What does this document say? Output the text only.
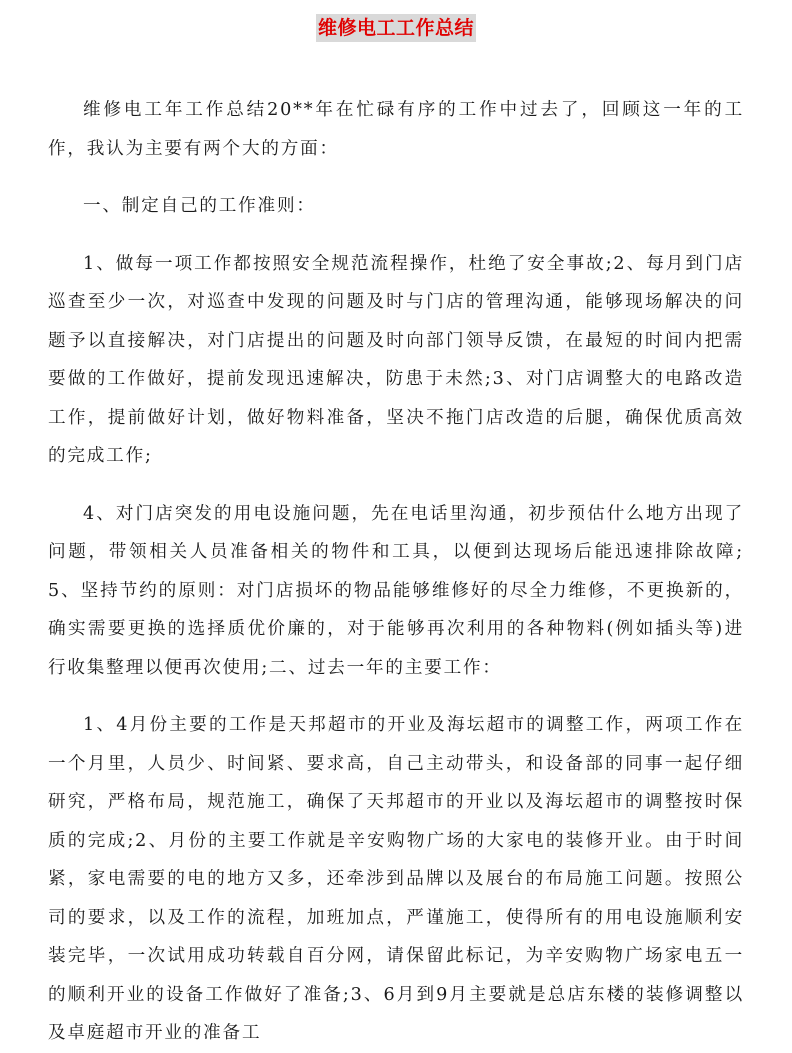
维修电工工作总结

维修电工年工作总结20**年在忙碌有序的工作中过去了，回顾这一年的工作，我认为主要有两个大的方面：

一、制定自己的工作准则：

1、做每一项工作都按照安全规范流程操作，杜绝了安全事故;2、每月到门店巡查至少一次，对巡查中发现的问题及时与门店的管理沟通，能够现场解决的问题予以直接解决，对门店提出的问题及时向部门领导反馈，在最短的时间内把需要做的工作做好，提前发现迅速解决，防患于未然;3、对门店调整大的电路改造工作，提前做好计划，做好物料准备，坚决不拖门店改造的后腿，确保优质高效的完成工作;

4、对门店突发的用电设施问题，先在电话里沟通，初步预估什么地方出现了问题，带领相关人员准备相关的物件和工具，以便到达现场后能迅速排除故障;5、坚持节约的原则：对门店损坏的物品能够维修好的尽全力维修，不更换新的，确实需要更换的选择质优价廉的，对于能够再次利用的各种物料(例如插头等)进行收集整理以便再次使用;二、过去一年的主要工作：

1、4月份主要的工作是天邦超市的开业及海坛超市的调整工作，两项工作在一个月里，人员少、时间紧、要求高，自己主动带头，和设备部的同事一起仔细研究，严格布局，规范施工，确保了天邦超市的开业以及海坛超市的调整按时保质的完成;2、月份的主要工作就是辛安购物广场的大家电的装修开业。由于时间紧，家电需要的电的地方又多，还牵涉到品牌以及展台的布局施工问题。按照公司的要求，以及工作的流程，加班加点，严谨施工，使得所有的用电设施顺利安装完毕，一次试用成功转载自百分网，请保留此标记，为辛安购物广场家电五一的顺利开业的设备工作做好了准备;3、6月到9月主要就是总店东楼的装修调整以及卓庭超市开业的准备工
